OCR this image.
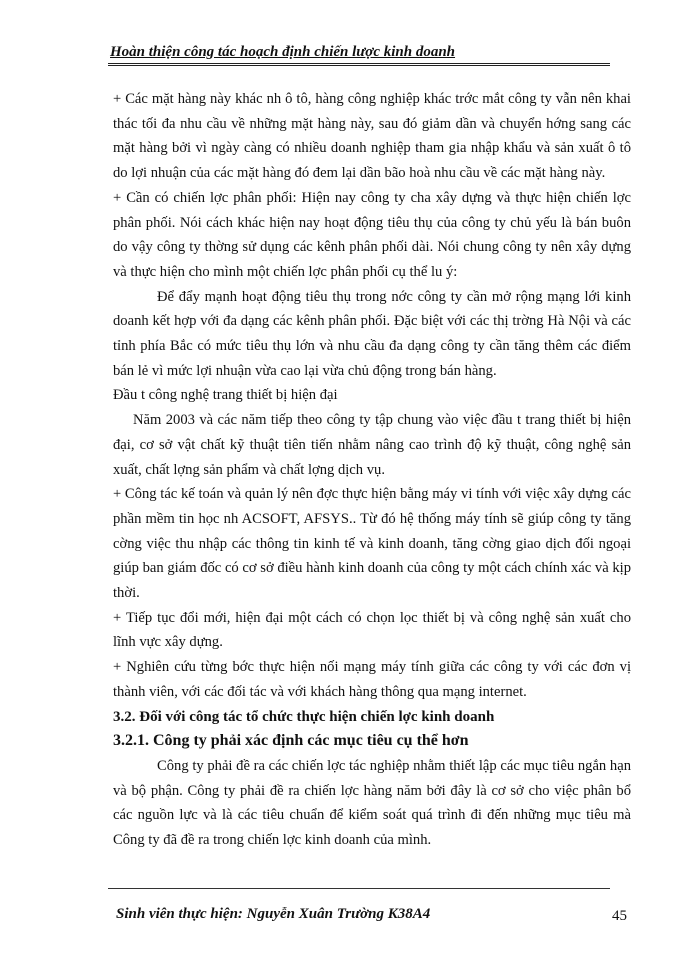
Hoàn thiện công tác hoạch định chiến lược kinh doanh

+ Các mặt hàng này khác nh ô tô, hàng công nghiệp khác trớc mắt công ty vẫn nên khai thác tối đa nhu cầu về những mặt hàng này, sau đó giảm dần và chuyển hớng sang các mặt hàng bởi vì ngày càng có nhiều doanh nghiệp tham gia nhập khẩu và sản xuất ô tô do lợi nhuận của các mặt hàng đó đem lại dần bão hoà nhu cầu về các mặt hàng này.

+ Cần có chiến lợc phân phối: Hiện nay công ty cha xây dựng và thực hiện chiến lợc phân phối. Nói cách khác hiện nay hoạt động tiêu thụ của công ty chủ yếu là bán buôn do vậy công ty thờng sử dụng các kênh phân phối dài. Nói chung công ty nên xây dựng và thực hiện cho mình một chiến lợc phân phối cụ thể lu ý:

Để đẩy mạnh hoạt động tiêu thụ trong nớc công ty cần mở rộng mạng lới kinh doanh kết hợp với đa dạng các kênh phân phối. Đặc biệt với các thị trờng Hà Nội và các tỉnh phía Bắc có mức tiêu thụ lớn và nhu cầu đa dạng công ty cần tăng thêm các điểm bán lẻ vì mức lợi nhuận vừa cao lại vừa chủ động trong bán hàng.

Đầu t công nghệ trang thiết bị hiện đại

Năm 2003 và các năm tiếp theo công ty tập chung vào việc đầu t trang thiết bị hiện đại, cơ sở vật chất kỹ thuật tiên tiến nhằm nâng cao trình độ kỹ thuật, công nghệ sản xuất, chất lợng sản phẩm và chất lợng dịch vụ.

+ Công tác kế toán và quản lý nên đợc thực hiện bằng máy vi tính với việc xây dựng các phần mềm tin học nh ACSOFT, AFSYS.. Từ đó hệ thống máy tính sẽ giúp công ty tăng cờng việc thu nhập các thông tin kinh tế và kinh doanh, tăng cờng giao dịch đối ngoại giúp ban giám đốc có cơ sở điều hành kinh doanh của công ty một cách chính xác và kịp thời.

+ Tiếp tục đổi mới, hiện đại một cách có chọn lọc thiết bị và công nghệ sản xuất cho lĩnh vực xây dựng.

+ Nghiên cứu từng bớc thực hiện nối mạng máy tính giữa các công ty với các đơn vị thành viên, với các đối tác và với khách hàng thông qua mạng internet.

3.2. Đối với công tác tổ chức thực hiện chiến lợc kinh doanh

3.2.1. Công ty phải xác định các mục tiêu cụ thể hơn

Công ty phải đề ra các chiến lợc tác nghiệp nhằm thiết lập các mục tiêu ngắn hạn và bộ phận. Công ty phải đề ra chiến lợc hàng năm bởi đây là cơ sở cho việc phân bổ các nguồn lực và là các tiêu chuẩn để kiểm soát quá trình đi đến những mục tiêu mà Công ty đã đề ra trong chiến lợc kinh doanh của mình.

Sinh viên thực hiện: Nguyễn Xuân Trường K38A4	45
